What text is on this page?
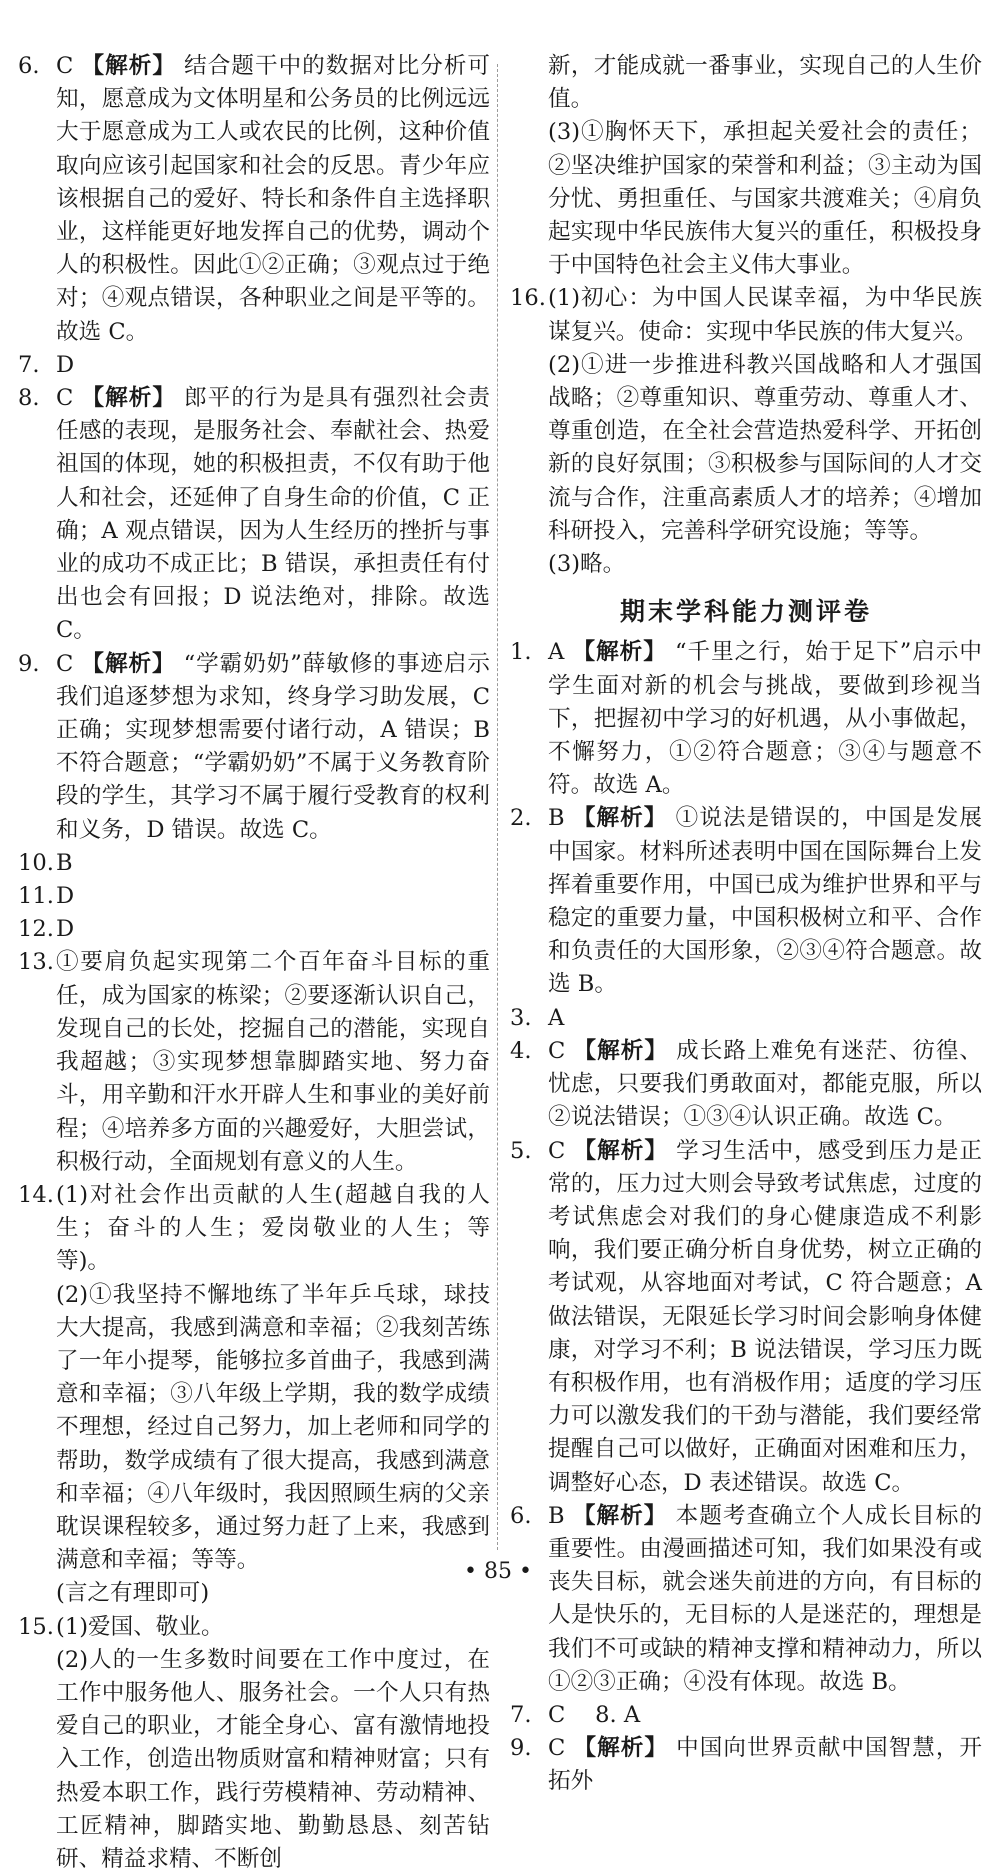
6. C 【解析】 结合题干中的数据对比分析可知，愿意成为文体明星和公务员的比例远远大于愿意成为工人或农民的比例，这种价值取向应该引起国家和社会的反思。青少年应该根据自己的爱好、特长和条件自主选择职业，这样能更好地发挥自己的优势，调动个人的积极性。因此①②正确；③观点过于绝对；④观点错误，各种职业之间是平等的。故选 C。
7. D
8. C 【解析】 郎平的行为是具有强烈社会责任感的表现，是服务社会、奉献社会、热爱祖国的体现，她的积极担责，不仅有助于他人和社会，还延伸了自身生命的价值，C 正确；A 观点错误，因为人生经历的挫折与事业的成功不成正比；B 错误，承担责任有付出也会有回报；D 说法绝对，排除。故选 C。
9. C 【解析】 “学霸奶奶”薛敏修的事迹启示我们追逐梦想为求知，终身学习助发展，C 正确；实现梦想需要付诸行动，A 错误；B 不符合题意；“学霸奶奶”不属于义务教育阶段的学生，其学习不属于履行受教育的权利和义务，D 错误。故选 C。
10. B
11. D
12. D
13. ①要肩负起实现第二个百年奋斗目标的重任，成为国家的栋梁；②要逐渐认识自己，发现自己的长处，挖掘自己的潜能，实现自我超越；③实现梦想靠脚踏实地、努力奋斗，用辛勤和汗水开辟人生和事业的美好前程；④培养多方面的兴趣爱好，大胆尝试，积极行动，全面规划有意义的人生。
14. (1)对社会作出贡献的人生(超越自我的人生；奋斗的人生；爱岗敬业的人生；等等)。
(2)①我坚持不懈地练了半年乒乓球，球技大大提高，我感到满意和幸福；②我刻苦练了一年小提琴，能够拉多首曲子，我感到满意和幸福；③八年级上学期，我的数学成绩不理想，经过自己努力，加上老师和同学的帮助，数学成绩有了很大提高，我感到满意和幸福；④八年级时，我因照顾生病的父亲耽误课程较多，通过努力赶了上来，我感到满意和幸福；等等。
(言之有理即可)
15. (1)爱国、敬业。
(2)人的一生多数时间要在工作中度过，在工作中服务他人、服务社会。一个人只有热爱自己的职业，才能全身心、富有激情地投入工作，创造出物质财富和精神财富；只有热爱本职工作，践行劳模精神、劳动精神、工匠精神，脚踏实地、勤勤恳恳、刻苦钻研、精益求精、不断创
新，才能成就一番事业，实现自己的人生价值。
(3)①胸怀天下，承担起关爱社会的责任；②坚决维护国家的荣誉和利益；③主动为国分忧、勇担重任、与国家共渡难关；④肩负起实现中华民族伟大复兴的重任，积极投身于中国特色社会主义伟大事业。
16. (1)初心：为中国人民谋幸福，为中华民族谋复兴。使命：实现中华民族的伟大复兴。
(2)①进一步推进科教兴国战略和人才强国战略；②尊重知识、尊重劳动、尊重人才、尊重创造，在全社会营造热爱科学、开拓创新的良好氛围；③积极参与国际间的人才交流与合作，注重高素质人才的培养；④增加科研投入，完善科学研究设施；等等。
(3)略。
期末学科能力测评卷
1. A 【解析】 “千里之行，始于足下”启示中学生面对新的机会与挑战，要做到珍视当下，把握初中学习的好机遇，从小事做起，不懈努力，①②符合题意；③④与题意不符。故选 A。
2. B 【解析】 ①说法是错误的，中国是发展中国家。材料所述表明中国在国际舞台上发挥着重要作用，中国已成为维护世界和平与稳定的重要力量，中国积极树立和平、合作和负责任的大国形象，②③④符合题意。故选 B。
3. A
4. C 【解析】 成长路上难免有迷茫、彷徨、忧虑，只要我们勇敢面对，都能克服，所以②说法错误；①③④认识正确。故选 C。
5. C 【解析】 学习生活中，感受到压力是正常的，压力过大则会导致考试焦虑，过度的考试焦虑会对我们的身心健康造成不利影响，我们要正确分析自身优势，树立正确的考试观，从容地面对考试，C 符合题意；A 做法错误，无限延长学习时间会影响身体健康，对学习不利；B 说法错误，学习压力既有积极作用，也有消极作用；适度的学习压力可以激发我们的干劲与潜能，我们要经常提醒自己可以做好，正确面对困难和压力，调整好心态，D 表述错误。故选 C。
6. B 【解析】 本题考查确立个人成长目标的重要性。由漫画描述可知，我们如果没有或丧失目标，就会迷失前进的方向，有目标的人是快乐的，无目标的人是迷茫的，理想是我们不可或缺的精神支撑和精神动力，所以①②③正确；④没有体现。故选 B。
7. C 　8. A
9. C 【解析】 中国向世界贡献中国智慧，开拓外
• 85 •
